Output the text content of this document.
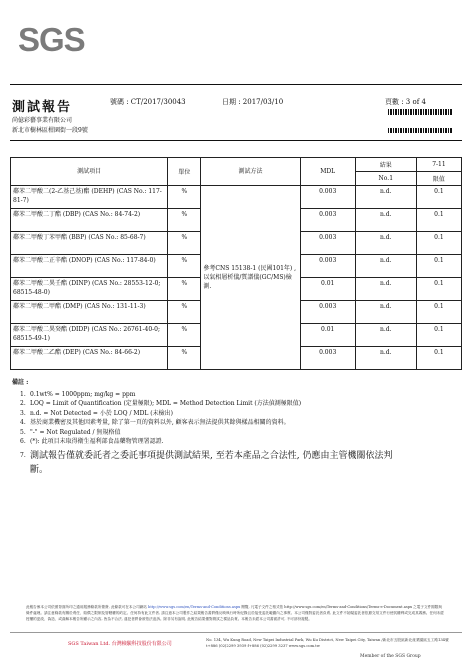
SGS
測試報告	號碼 : CT/2017/30043	日期 : 2017/03/10	頁數 : 3 of 4
尚億彩藝事業有限公司
新北市樹林區柑園街一段9號
測試項目	單位	測試方法	MDL	結果	7-11
				No.1	限值
鄰苯二甲酸二(2-乙基己基)酯 (DEHP) (CAS No.: 117-81-7)	%	參考CNS 15138-1 (民國101年) ,以氣相層析儀/質譜儀(GC/MS)檢測.	0.003	n.d.	0.1
鄰苯二甲酸二丁酯 (DBP) (CAS No.: 84-74-2)	%		0.003	n.d.	0.1
鄰苯二甲酸丁苯甲酯 (BBP) (CAS No.: 85-68-7)	%		0.003	n.d.	0.1
鄰苯二甲酸二正辛酯 (DNOP) (CAS No.: 117-84-0)	%		0.003	n.d.	0.1
鄰苯二甲酸二異壬酯 (DINP) (CAS No.: 28553-12-0; 68515-48-0)	%		0.01	n.d.	0.1
鄰苯二甲酸二甲酯 (DMP) (CAS No.: 131-11-3)	%		0.003	n.d.	0.1
鄰苯二甲酸二異癸酯 (DIDP) (CAS No.: 26761-40-0; 68515-49-1)	%		0.01	n.d.	0.1
鄰苯二甲酸二乙酯 (DEP) (CAS No.: 84-66-2)	%		0.003	n.d.	0.1
備註 :
1. 0.1wt% = 1000ppm; mg/kg = ppm
2. LOQ = Limit of Quantification (定量極限); MDL = Method Detection Limit (方法偵測極限值)
3. n.d. = Not Detected = 小於 LOQ / MDL (未檢出)
4. 基於商業機密及其他因素考量, 除了第一頁的資料以外, 顧客表示無法提供其餘與樣品相關的資料。
5. "-" = Not Regulated / 無規格值
6. (*): 此項目未取得衛生福利部食品藥物管理署認證.
7. 測試報告僅就委託者之委託事項提供測試結果, 至若本產品之合法性, 仍應由主管機關依法判斷。
此報告係本公司依照背面所印之通用服務條款所簽發, 此條款可在本公司網站 http://www.sgs.com/en/Terms-and-Conditions.aspx 閱覽, 凡電子文件之格式依 http://www.sgs.com/en/Terms-and-Conditions/Terms-e-Document.aspx 之電子文件期限與條件處理。請注意條款有關於責任、賠償之限制及管轄權的約定。任何持有此文件者, 請注意本公司製作之結果報告書將僅反映執行時所紀錄且於接受委託範圍內之事實。本公司僅對委託者負責, 此文件不妨礙委託者依據交易文件行使其權利或完成其義務。任何未經授權的更改、偽造、或曲解本報告所顯示之內容, 皆為不合法, 違犯者將會被依法追訴。除非另有說明, 此報告結果僅對測試之樣品負責。本報告未經本公司書面許可, 不可部份複製。
SGS Taiwan Ltd. 台灣檢驗科技股份有限公司
No. 134, Wu Kung Road, New Taipei Industrial Park, Wu Ku District, New Taipei City, Taiwan /新北市五股區新北產業園區五工路134號 t+886 (02)2299 3939 f+886 (02)2299 3237 www.sgs.com.tw
Member of the SGS Group
